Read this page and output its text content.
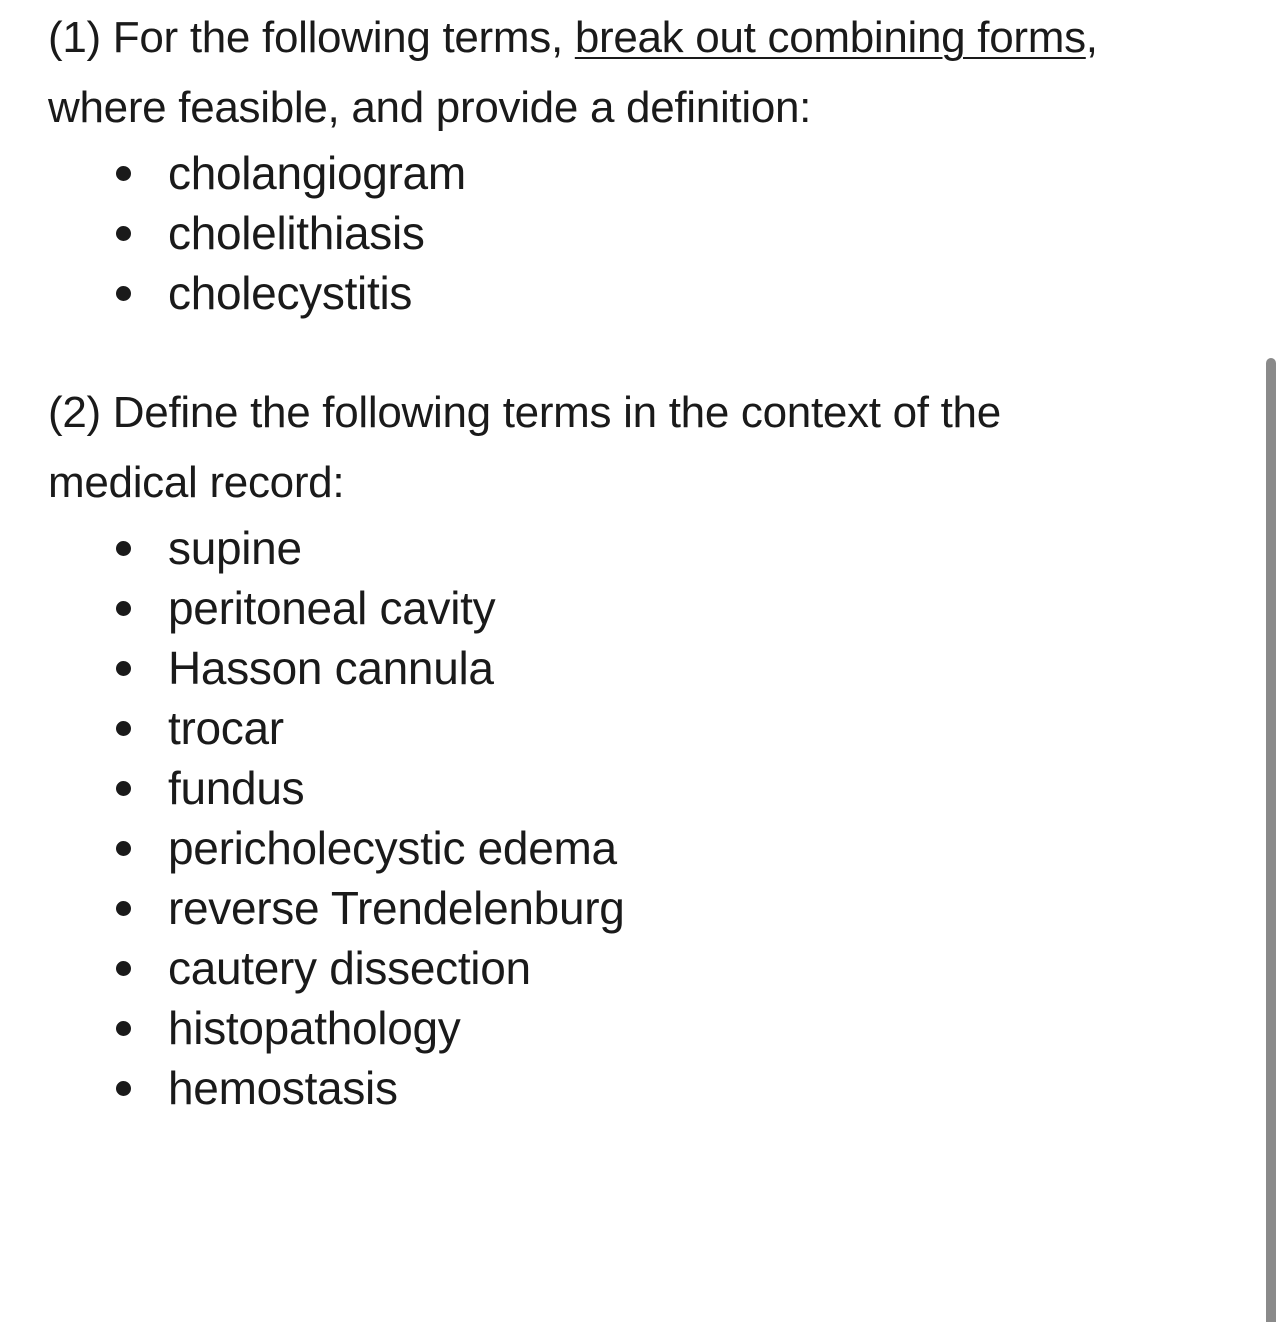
(1) For the following terms, break out combining forms,
where feasible, and provide a definition:

cholangiogram
cholelithiasis
cholecystitis

(2) Define the following terms in the context of the
medical record:

supine
peritoneal cavity
Hasson cannula
trocar
fundus
pericholecystic edema
reverse Trendelenburg
cautery dissection
histopathology
hemostasis
